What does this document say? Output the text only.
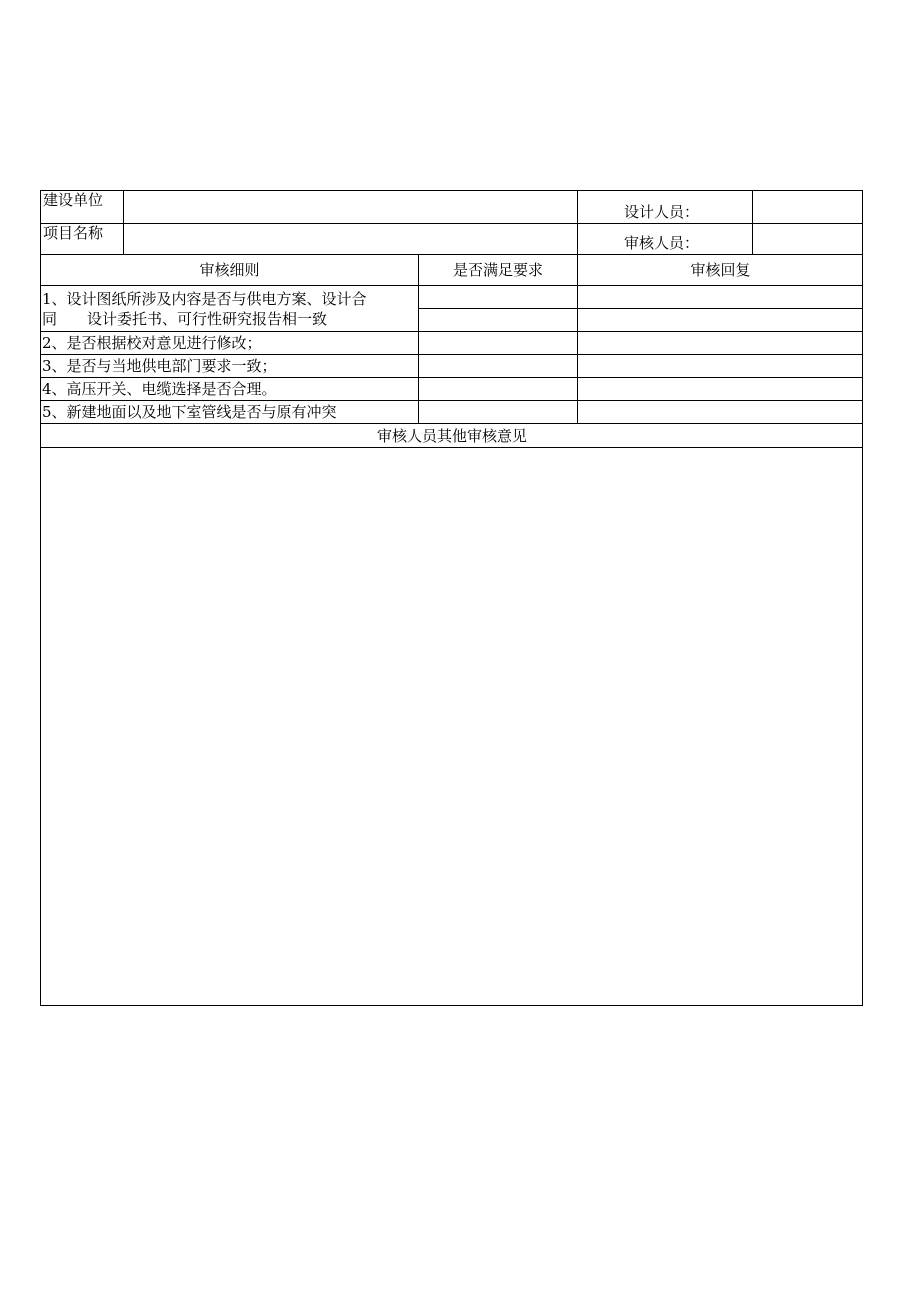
建设单位
设计人员：
项目名称
审核人员：
审核细则	是否满足要求	审核回复
1、设计图纸所涉及内容是否与供电方案、设计合
同　　设计委托书、可行性研究报告相一致
2、是否根据校对意见进行修改；
3、是否与当地供电部门要求一致；
4、高压开关、电缆选择是否合理。
5、新建地面以及地下室管线是否与原有冲突
审核人员其他审核意见
